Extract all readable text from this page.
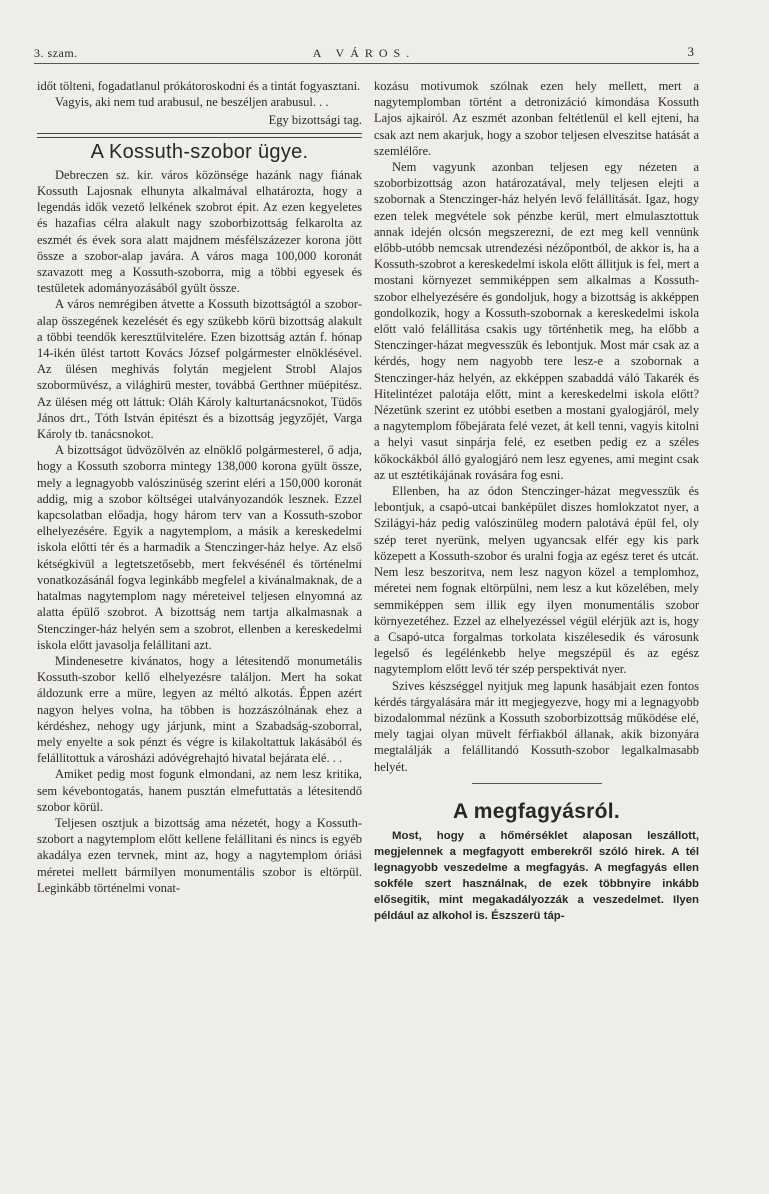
3. szam.	A VÁROS.	3

időt tölteni, fogadatlanul prókátoroskodni és a tintát fogyasztani.

Vagyis, aki nem tud arabusul, ne beszéljen arabusul. . .

Egy bizottsági tag.
A Kossuth-szobor ügye.

Debreczen sz. kir. város közönsége hazánk nagy fiának Kossuth Lajosnak elhunyta alkalmával elhatározta, hogy a legendás idők vezető lelkének szobrot épit. Az ezen kegyeletes és hazafias célra alakult nagy szoborbizottság felkarolta az eszmét és évek sora alatt majdnem mésfélszázezer korona jött össze a szobor-alap javára. A város maga 100,000 koronát szavazott meg a Kossuth-szoborra, mig a többi egyesek és testületek adományozásából gyült össze.

A város nemrégiben átvette a Kossuth bizottságtól a szobor-alap összegének kezelését és egy szükebb körü bizottság alakult a többi teendők keresztülvitelére. Ezen bizottság aztán f. hónap 14-ikén ülést tartott Kovács József polgármester elnöklésével. Az ülésen meghivás folytán megjelent Strobl Alajos szobormüvész, a világhirü mester, továbbá Gerthner müépitész. Az ülésen még ott láttuk: Oláh Károly kalturtanácsnokot, Tüdős János drt., Tóth István épitészt és a bizottság jegyzőjét, Varga Károly tb. tanácsnokot.

A bizottságot üdvözölvén az elnöklő polgármesterel, ő adja, hogy a Kossuth szoborra mintegy 138,000 korona gyült össze, mely a legnagyobb valószinüség szerint eléri a 150,000 koronát addig, mig a szobor költségei utalványozandók lesznek. Ezzel kapcsolatban előadja, hogy három terv van a Kossuth-szobor elhelyezésére. Egyik a nagytemplom, a másik a kereskedelmi iskola előtti tér és a harmadik a Stenczinger-ház helye. Az első kétségkivül a legtetszetősebb, mert fekvésénél és történelmi vonatkozásánál fogva leginkább megfelel a kivánalmaknak, de a hatalmas nagytemplom nagy méreteivel teljesen elnyomná az alatta épülő szobrot. A bizottság nem tartja alkalmasnak a Stenczinger-ház helyén sem a szobrot, ellenben a kereskedelmi iskola előtt javasolja felállitani azt.

Mindenesetre kivánatos, hogy a létesitendő monumetális Kossuth-szobor kellő elhelyezésre találjon. Mert ha sokat áldozunk erre a müre, legyen az méltó alkotás. Éppen azért nagyon helyes volna, ha többen is hozzászólnának ehez a kérdéshez, nehogy ugy járjunk, mint a Szabadság-szoborral, mely enyelte a sok pénzt és végre is kilakoltattuk lakásából és felállitottuk a városházi adóvégrehajtó hivatal bejárata elé. . .

Amiket pedig most fogunk elmondani, az nem lesz kritika, sem kévebontogatás, hanem pusztán elmefuttatás a létesitendő szobor körül.

Teljesen osztjuk a bizottság ama nézetét, hogy a Kossuth-szobort a nagytemplom előtt kellene felállitani és nincs is egyéb akadálya ezen tervnek, mint az, hogy a nagytemplom óriási méretei mellett bármilyen monumentális szobor is eltörpül. Leginkább történelmi vonat-

kozásu motivumok szólnak ezen hely mellett, mert a nagytemplomban történt a detronizáció kimondása Kossuth Lajos ajkairól. Az eszmét azonban feltétlenül el kell ejteni, ha csak azt nem akarjuk, hogy a szobor teljesen elveszitse hatását a szemlélőre.

Nem vagyunk azonban teljesen egy nézeten a szoborbizottság azon határozatával, mely teljesen elejti a szobornak a Stenczinger-ház helyén levő felállitását. Igaz, hogy ezen telek megvétele sok pénzbe kerül, mert elmulasztottuk annak idején olcsón megszerezni, de ezt meg kell vennünk előbb-utóbb nemcsak utrendezési nézőpontból, de akkor is, ha a Kossuth-szobrot a kereskedelmi iskola előtt állitjuk is fel, mert a mostani környezet semmiképpen sem alkalmas a Kossuth-szobor elhelyezésére és gondoljuk, hogy a bizottság is akképpen gondolkozik, hogy a Kossuth-szobornak a kereskedelmi iskola előtt való felállitása csakis ugy történhetik meg, ha előbb a Stenczinger-házat megvesszük és lebontjuk. Most már csak az a kérdés, hogy nem nagyobb tere lesz-e a szobornak a Stenczinger-ház helyén, az ekképpen szabaddá váló Takarék és Hitelintézet palotája előtt, mint a kereskedelmi iskola előtt? Nézetünk szerint ez utóbbi esetben a mostani gyalogjáról, mely a nagytemplom főbejárata felé vezet, át kell tenni, vagyis kitolni a helyi vasut sinpárja felé, ez esetben pedig ez a széles kőkockákból álló gyalogjáró nem lesz egyenes, ami megint csak az ut esztétikájának rovására fog esni.

Ellenben, ha az ódon Stenczinger-házat megvesszük és lebontjuk, a csapó-utcai banképület diszes homlokzatot nyer, a Szilágyi-ház pedig valószinüleg modern palotává épül fel, oly szép teret nyerünk, melyen ugyancsak elfér egy kis park közepett a Kossuth-szobor és uralni fogja az egész teret és utcát. Nem lesz beszoritva, nem lesz nagyon közel a templomhoz, méretei nem fognak eltörpülni, nem lesz a kut közelében, mely semmiképpen sem illik egy ilyen monumentális szobor környezetéhez. Ezzel az elhelyezéssel végül elérjük azt is, hogy a Csapó-utca forgalmas torkolata kiszélesedik és városunk legelső és legélénkebb helye megszépül és az egész nagytemplom előtt levő tér szép perspektivát nyer.

Szives készséggel nyitjuk meg lapunk hasábjait ezen fontos kérdés tárgyalására már itt megjegyezve, hogy mi a legnagyobb bizodalommal nézünk a Kossuth szoborbizottság működése elé, mely tagjai olyan müvelt férfiakból állanak, akik bizonyára megtalálják a felállitandó Kossuth-szobor legalkalmasabb helyét.

A megfagyásról.

Most, hogy a hőmérséklet alaposan leszállott, megjelennek a megfagyott emberekről szóló hirek. A tél legnagyobb veszedelme a megfagyás. A megfagyás ellen sokféle szert használnak, de ezek többnyire inkább elősegitik, mint megakadályozzák a veszedelmet. Ilyen például az alkohol is. Észszerü táp-
